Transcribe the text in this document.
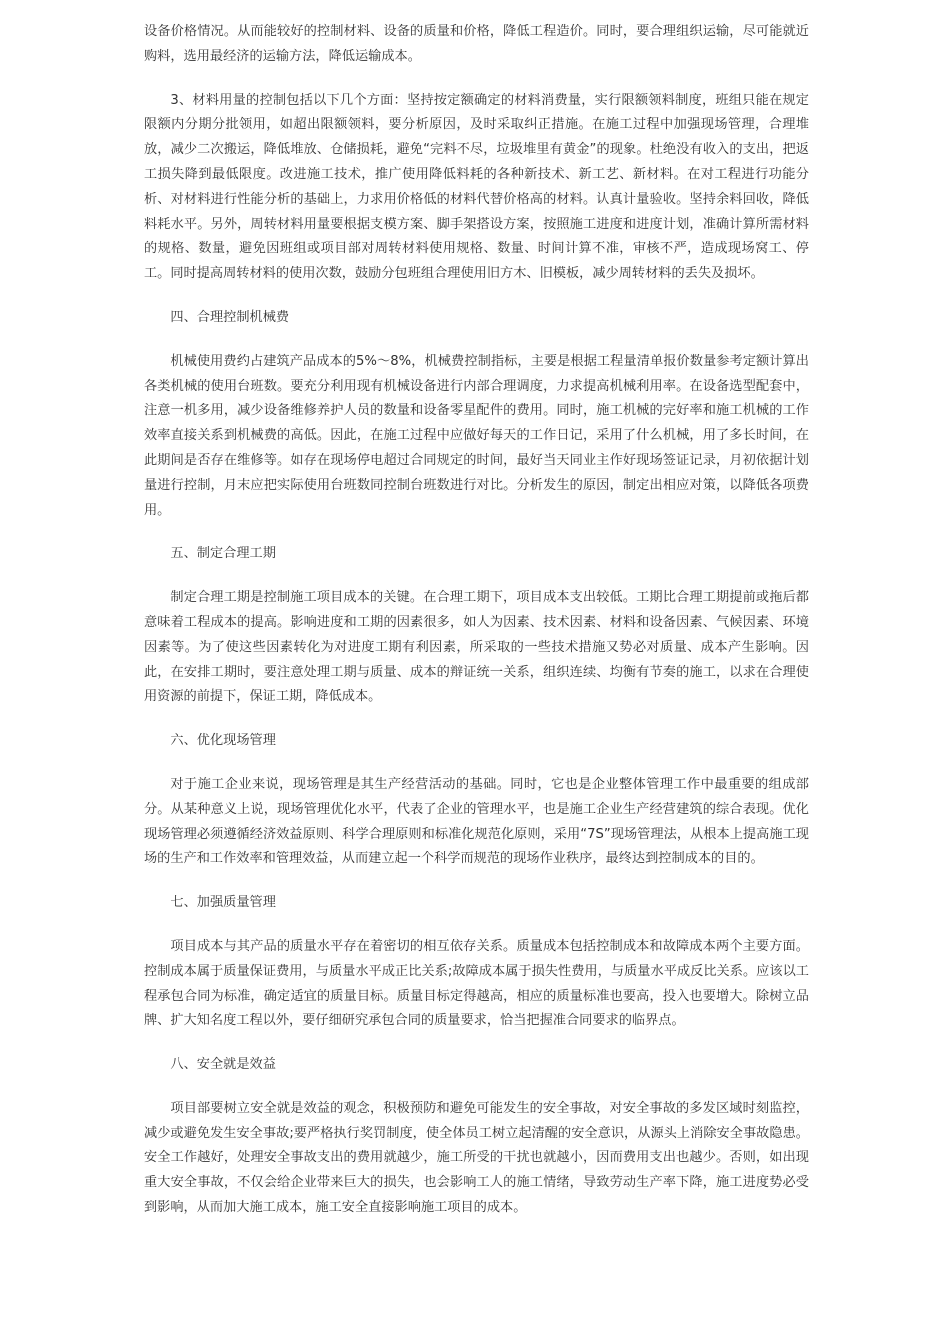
设备价格情况。从而能较好的控制材料、设备的质量和价格，降低工程造价。同时，要合理组织运输，尽可能就近购料，选用最经济的运输方法，降低运输成本。

3、材料用量的控制包括以下几个方面：坚持按定额确定的材料消费量，实行限额领料制度，班组只能在规定限额内分期分批领用，如超出限额领料，要分析原因，及时采取纠正措施。在施工过程中加强现场管理，合理堆放，减少二次搬运，降低堆放、仓储损耗，避免“完料不尽，垃圾堆里有黄金”的现象。杜绝没有收入的支出，把返工损失降到最低限度。改进施工技术，推广使用降低料耗的各种新技术、新工艺、新材料。在对工程进行功能分析、对材料进行性能分析的基础上，力求用价格低的材料代替价格高的材料。认真计量验收。坚持余料回收，降低料耗水平。另外，周转材料用量要根据支模方案、脚手架搭设方案，按照施工进度和进度计划，准确计算所需材料的规格、数量，避免因班组或项目部对周转材料使用规格、数量、时间计算不准，审核不严，造成现场窝工、停工。同时提高周转材料的使用次数，鼓励分包班组合理使用旧方木、旧模板，减少周转材料的丢失及损坏。

四、合理控制机械费

机械使用费约占建筑产品成本的5%～8%，机械费控制指标，主要是根据工程量清单报价数量参考定额计算出各类机械的使用台班数。要充分利用现有机械设备进行内部合理调度，力求提高机械利用率。在设备选型配套中，注意一机多用，减少设备维修养护人员的数量和设备零星配件的费用。同时，施工机械的完好率和施工机械的工作效率直接关系到机械费的高低。因此，在施工过程中应做好每天的工作日记，采用了什么机械，用了多长时间，在此期间是否存在维修等。如存在现场停电超过合同规定的时间，最好当天同业主作好现场签证记录，月初依据计划量进行控制，月末应把实际使用台班数同控制台班数进行对比。分析发生的原因，制定出相应对策，以降低各项费用。

五、制定合理工期

制定合理工期是控制施工项目成本的关键。在合理工期下，项目成本支出较低。工期比合理工期提前或拖后都意味着工程成本的提高。影响进度和工期的因素很多，如人为因素、技术因素、材料和设备因素、气候因素、环境因素等。为了使这些因素转化为对进度工期有利因素，所采取的一些技术措施又势必对质量、成本产生影响。因此，在安排工期时，要注意处理工期与质量、成本的辩证统一关系，组织连续、均衡有节奏的施工，以求在合理使用资源的前提下，保证工期，降低成本。

六、优化现场管理

对于施工企业来说，现场管理是其生产经营活动的基础。同时，它也是企业整体管理工作中最重要的组成部分。从某种意义上说，现场管理优化水平，代表了企业的管理水平，也是施工企业生产经营建筑的综合表现。优化现场管理必须遵循经济效益原则、科学合理原则和标准化规范化原则，采用“7S”现场管理法，从根本上提高施工现场的生产和工作效率和管理效益，从而建立起一个科学而规范的现场作业秩序，最终达到控制成本的目的。

七、加强质量管理

项目成本与其产品的质量水平存在着密切的相互依存关系。质量成本包括控制成本和故障成本两个主要方面。控制成本属于质量保证费用，与质量水平成正比关系;故障成本属于损失性费用，与质量水平成反比关系。应该以工程承包合同为标准，确定适宜的质量目标。质量目标定得越高，相应的质量标准也要高，投入也要增大。除树立品牌、扩大知名度工程以外，要仔细研究承包合同的质量要求，恰当把握准合同要求的临界点。

八、安全就是效益

项目部要树立安全就是效益的观念，积极预防和避免可能发生的安全事故，对安全事故的多发区域时刻监控，减少或避免发生安全事故;要严格执行奖罚制度，使全体员工树立起清醒的安全意识，从源头上消除安全事故隐患。安全工作越好，处理安全事故支出的费用就越少，施工所受的干扰也就越小，因而费用支出也越少。否则，如出现重大安全事故，不仅会给企业带来巨大的损失，也会影响工人的施工情绪，导致劳动生产率下降，施工进度势必受到影响，从而加大施工成本，施工安全直接影响施工项目的成本。
